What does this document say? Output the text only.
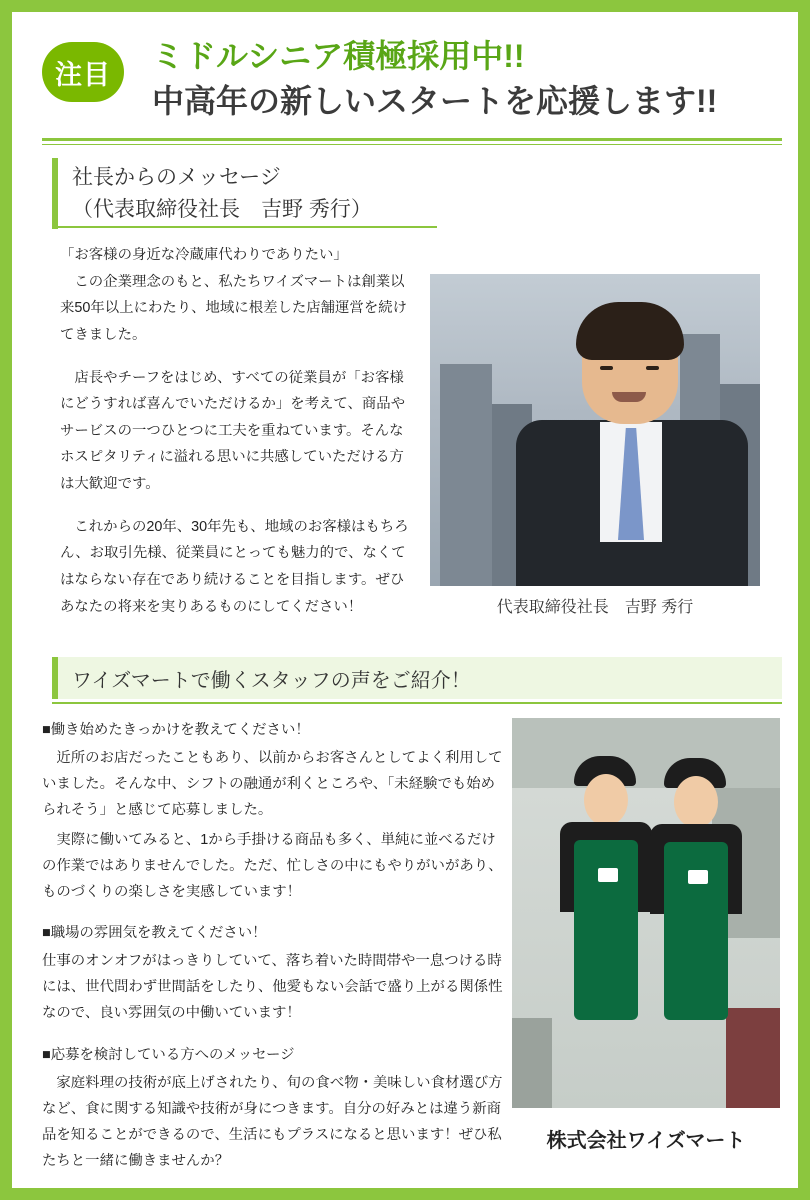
注目
ミドルシニア積極採用中!!
中高年の新しいスタートを応援します!!
社長からのメッセージ
（代表取締役社長　吉野 秀行）

「お客様の身近な冷蔵庫代わりでありたい」

この企業理念のもと、私たちワイズマートは創業以来50年以上にわたり、地域に根差した店舗運営を続けてきました。

店長やチーフをはじめ、すべての従業員が「お客様にどうすれば喜んでいただけるか」を考えて、商品やサービスの一つひとつに工夫を重ねています。そんなホスピタリティに溢れる思いに共感していただける方は大歓迎です。

これからの20年、30年先も、地域のお客様はもちろん、お取引先様、従業員にとっても魅力的で、なくてはならない存在であり続けることを目指します。ぜひあなたの将来を実りあるものにしてください！	代表取締役社長　吉野 秀行
ワイズマートで働くスタッフの声をご紹介！

■働き始めたきっかけを教えてください！

近所のお店だったこともあり、以前からお客さんとしてよく利用していました。そんな中、シフトの融通が利くところや、「未経験でも始められそう」と感じて応募しました。

実際に働いてみると、1から手掛ける商品も多く、単純に並べるだけの作業ではありませんでした。ただ、忙しさの中にもやりがいがあり、ものづくりの楽しさを実感しています！

■職場の雰囲気を教えてください！

仕事のオンオフがはっきりしていて、落ち着いた時間帯や一息つける時には、世代問わず世間話をしたり、他愛もない会話で盛り上がる関係性なので、良い雰囲気の中働いています！

■応募を検討している方へのメッセージ

家庭料理の技術が底上げされたり、旬の食べ物・美味しい食材選び方など、食に関する知識や技術が身につきます。自分の好みとは違う新商品を知ることができるので、生活にもプラスになると思います！ぜひ私たちと一緒に働きませんか？

株式会社ワイズマート
